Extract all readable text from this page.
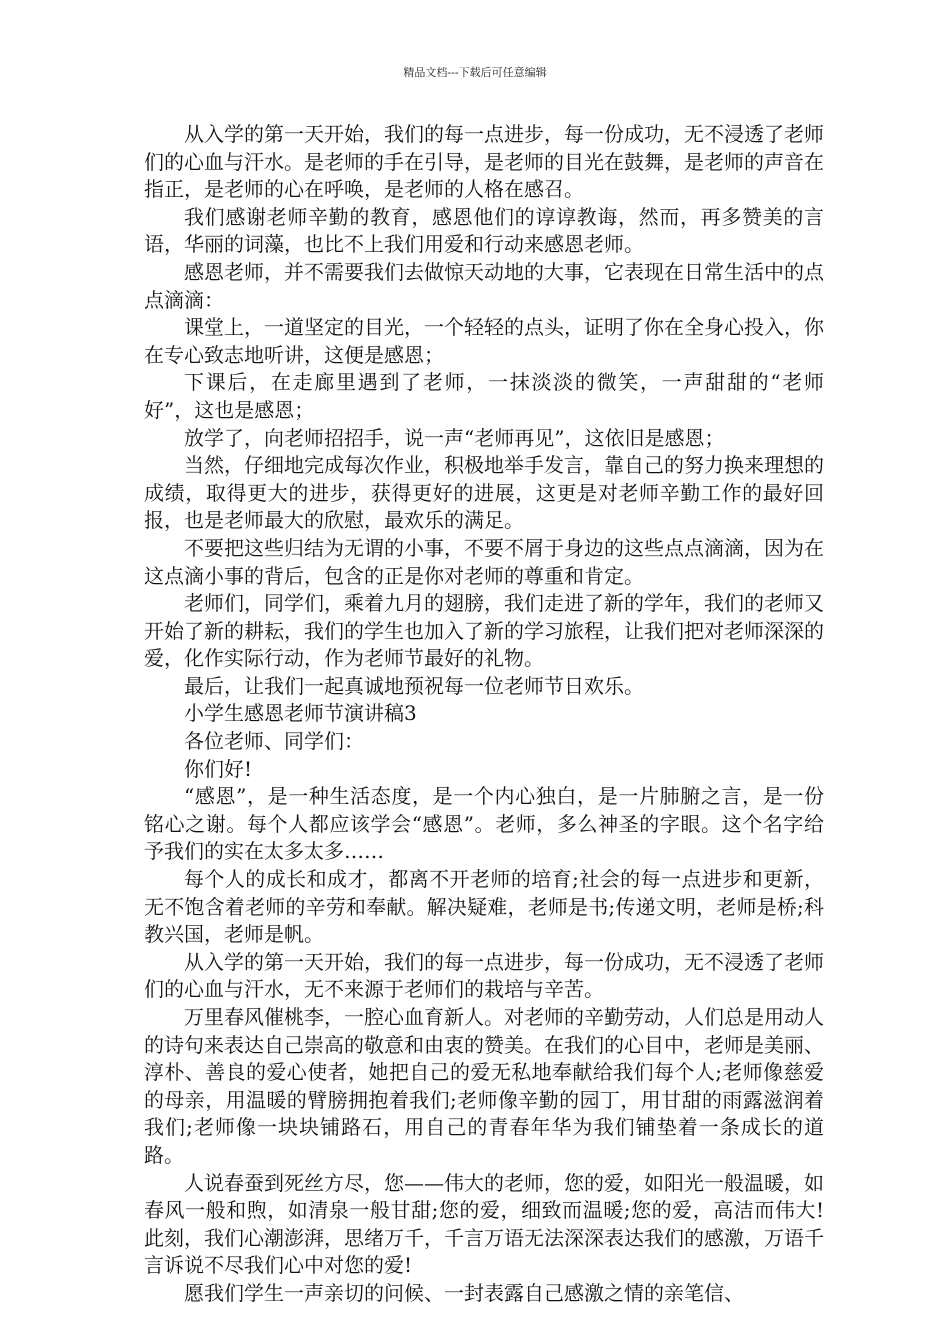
精品文档---下载后可任意编辑

从入学的第一天开始，我们的每一点进步，每一份成功，无不浸透了老师们的心血与汗水。是老师的手在引导，是老师的目光在鼓舞，是老师的声音在指正，是老师的心在呼唤，是老师的人格在感召。

我们感谢老师辛勤的教育，感恩他们的谆谆教诲，然而，再多赞美的言语，华丽的词藻，也比不上我们用爱和行动来感恩老师。

感恩老师，并不需要我们去做惊天动地的大事，它表现在日常生活中的点点滴滴：

课堂上，一道坚定的目光，一个轻轻的点头，证明了你在全身心投入，你在专心致志地听讲，这便是感恩；

下课后，在走廊里遇到了老师，一抹淡淡的微笑，一声甜甜的“老师好”，这也是感恩；

放学了，向老师招招手，说一声“老师再见”，这依旧是感恩；

当然，仔细地完成每次作业，积极地举手发言，靠自己的努力换来理想的成绩，取得更大的进步，获得更好的进展，这更是对老师辛勤工作的最好回报，也是老师最大的欣慰，最欢乐的满足。

不要把这些归结为无谓的小事，不要不屑于身边的这些点点滴滴，因为在这点滴小事的背后，包含的正是你对老师的尊重和肯定。

老师们，同学们，乘着九月的翅膀，我们走进了新的学年，我们的老师又开始了新的耕耘，我们的学生也加入了新的学习旅程，让我们把对老师深深的爱，化作实际行动，作为老师节最好的礼物。

最后，让我们一起真诚地预祝每一位老师节日欢乐。

小学生感恩老师节演讲稿3

各位老师、同学们：

你们好!

“感恩”，是一种生活态度，是一个内心独白，是一片肺腑之言，是一份铭心之谢。每个人都应该学会“感恩”。老师，多么神圣的字眼。这个名字给予我们的实在太多太多……

每个人的成长和成才，都离不开老师的培育;社会的每一点进步和更新，无不饱含着老师的辛劳和奉献。解决疑难，老师是书;传递文明，老师是桥;科教兴国，老师是帆。

从入学的第一天开始，我们的每一点进步，每一份成功，无不浸透了老师们的心血与汗水，无不来源于老师们的栽培与辛苦。

万里春风催桃李，一腔心血育新人。对老师的辛勤劳动，人们总是用动人的诗句来表达自己崇高的敬意和由衷的赞美。在我们的心目中，老师是美丽、淳朴、善良的爱心使者，她把自己的爱无私地奉献给我们每个人;老师像慈爱的母亲，用温暖的臂膀拥抱着我们;老师像辛勤的园丁，用甘甜的雨露滋润着我们;老师像一块块铺路石，用自己的青春年华为我们铺垫着一条成长的道路。

人说春蚕到死丝方尽，您——伟大的老师，您的爱，如阳光一般温暖，如春风一般和煦，如清泉一般甘甜;您的爱，细致而温暖;您的爱，高洁而伟大!此刻，我们心潮澎湃，思绪万千，千言万语无法深深表达我们的感激，万语千言诉说不尽我们心中对您的爱!

愿我们学生一声亲切的问候、一封表露自己感激之情的亲笔信、
